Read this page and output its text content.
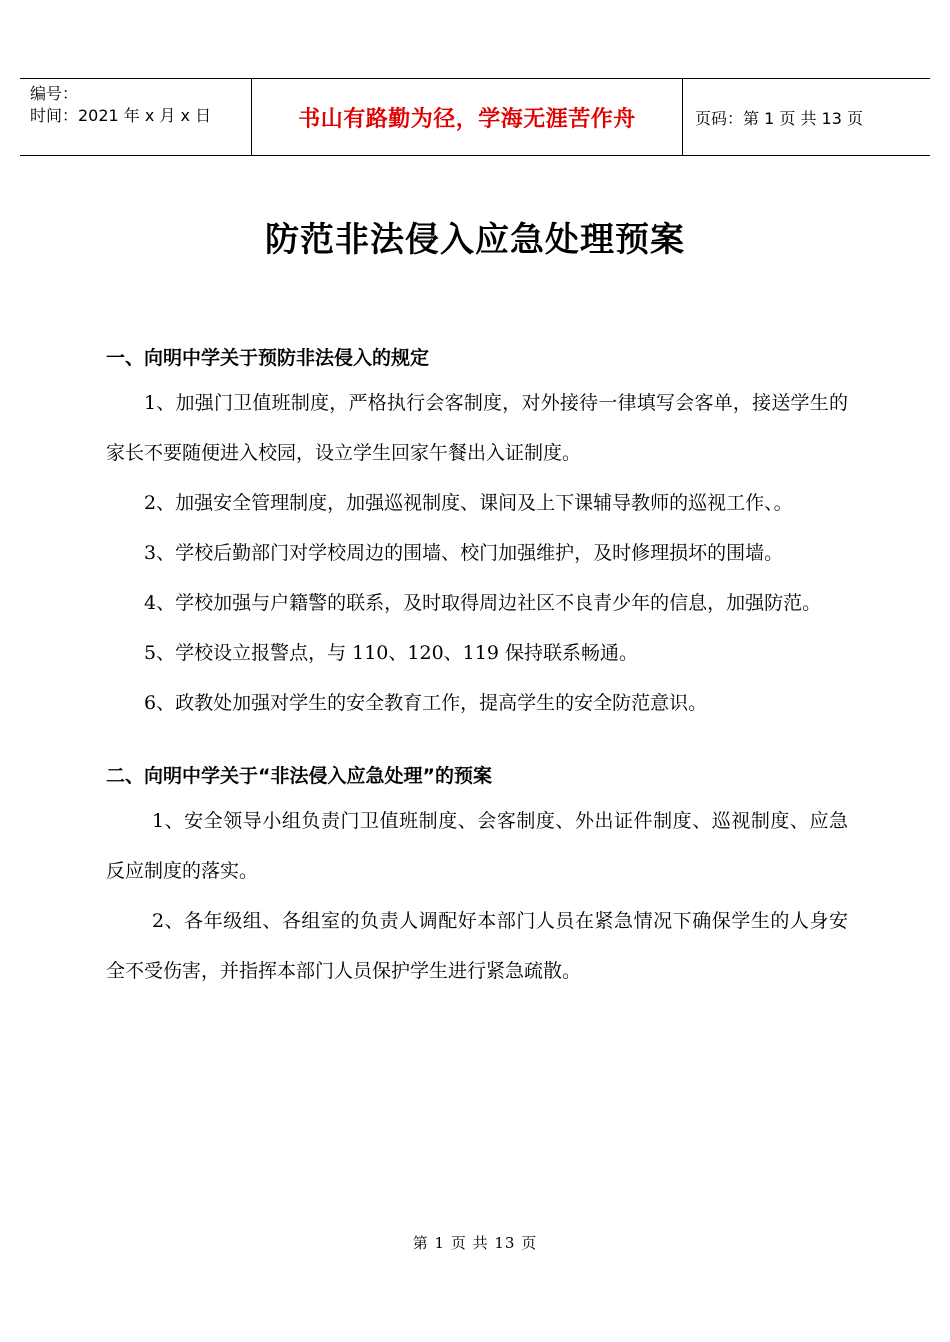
编号：
时间：2021 年 x 月 x 日	书山有路勤为径，学海无涯苦作舟	页码：第 1 页 共 13 页
防范非法侵入应急处理预案
一、向明中学关于预防非法侵入的规定

1、加强门卫值班制度，严格执行会客制度，对外接待一律填写会客单，接送学生的家长不要随便进入校园，设立学生回家午餐出入证制度。

2、加强安全管理制度，加强巡视制度、课间及上下课辅导教师的巡视工作、。

3、学校后勤部门对学校周边的围墙、校门加强维护，及时修理损坏的围墙。

4、学校加强与户籍警的联系，及时取得周边社区不良青少年的信息，加强防范。

5、学校设立报警点，与 110、120、119 保持联系畅通。

6、政教处加强对学生的安全教育工作，提高学生的安全防范意识。

二、向明中学关于“非法侵入应急处理”的预案

1、安全领导小组负责门卫值班制度、会客制度、外出证件制度、巡视制度、应急反应制度的落实。

2、各年级组、各组室的负责人调配好本部门人员在紧急情况下确保学生的人身安全不受伤害，并指挥本部门人员保护学生进行紧急疏散。

第 1 页 共 13 页
